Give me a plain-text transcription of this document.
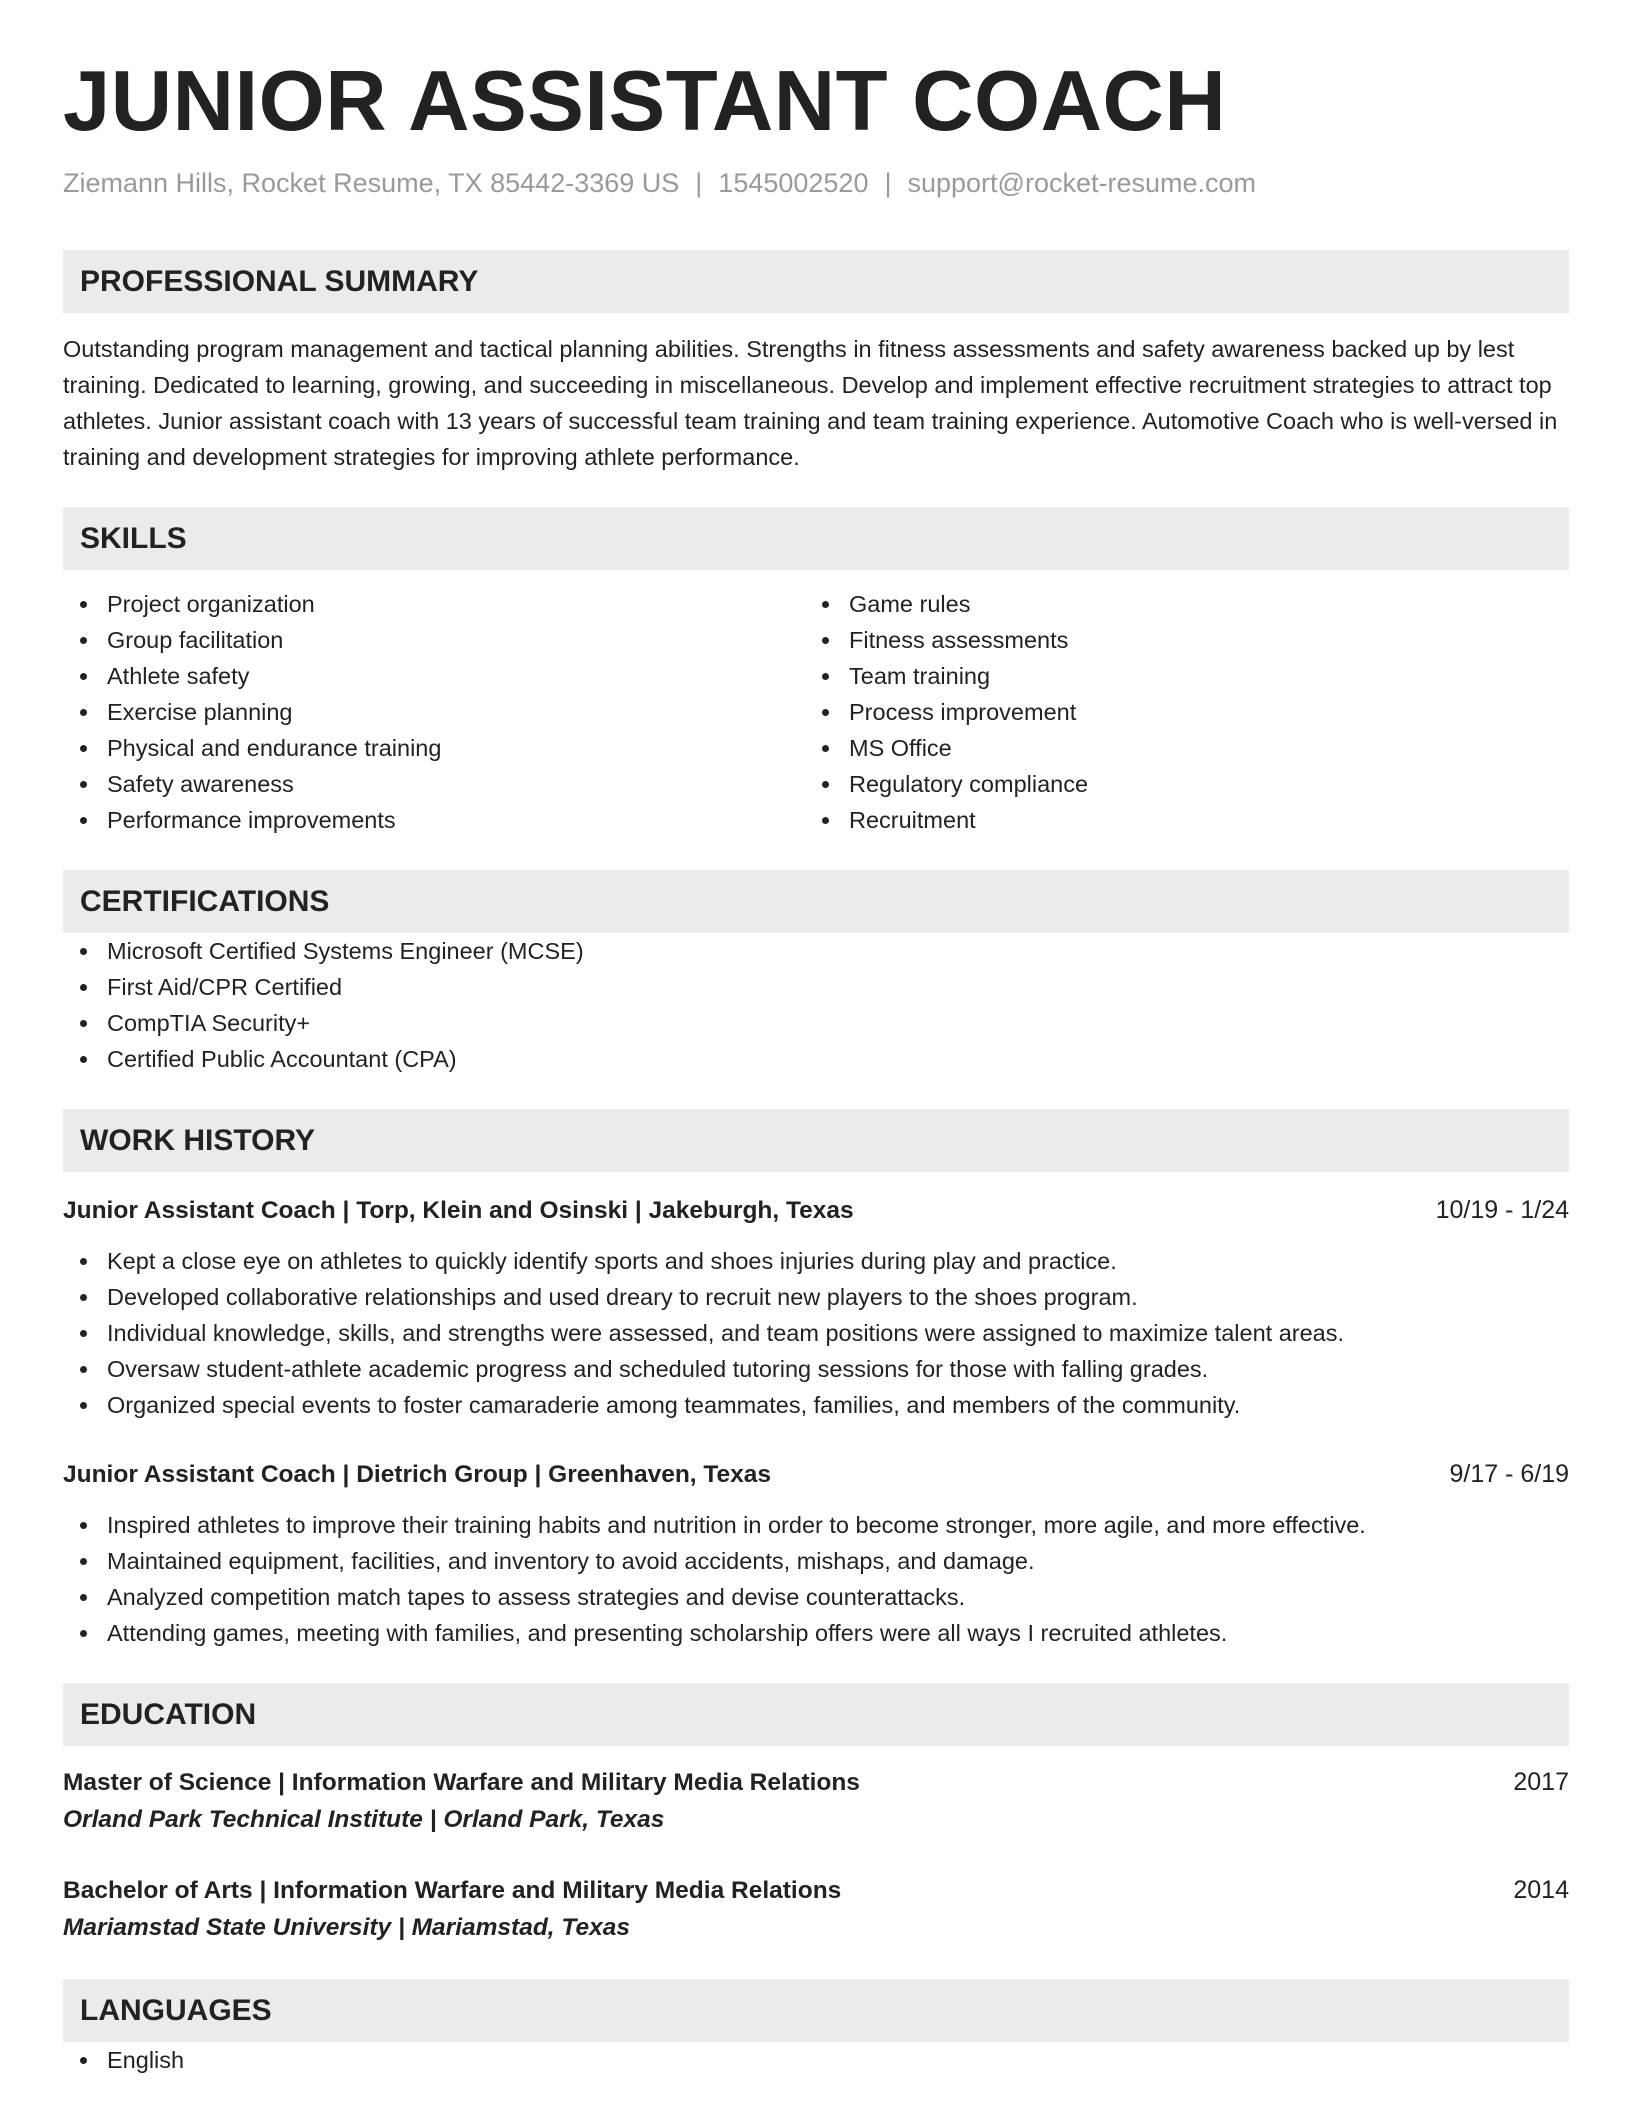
JUNIOR ASSISTANT COACH
Ziemann Hills, Rocket Resume, TX 85442-3369 US | 1545002520 | support@rocket-resume.com
PROFESSIONAL SUMMARY

Outstanding program management and tactical planning abilities. Strengths in fitness assessments and safety awareness backed up by lest training. Dedicated to learning, growing, and succeeding in miscellaneous. Develop and implement effective recruitment strategies to attract top athletes. Junior assistant coach with 13 years of successful team training and team training experience. Automotive Coach who is well-versed in training and development strategies for improving athlete performance.

SKILLS
Project organization
Group facilitation
Athlete safety
Exercise planning
Physical and endurance training
Safety awareness
Performance improvements
Game rules
Fitness assessments
Team training
Process improvement
MS Office
Regulatory compliance
Recruitment
CERTIFICATIONS
Microsoft Certified Systems Engineer (MCSE)
First Aid/CPR Certified
CompTIA Security+
Certified Public Accountant (CPA)
WORK HISTORY
Junior Assistant Coach | Torp, Klein and Osinski | Jakeburgh, Texas	10/19 - 1/24
Kept a close eye on athletes to quickly identify sports and shoes injuries during play and practice.
Developed collaborative relationships and used dreary to recruit new players to the shoes program.
Individual knowledge, skills, and strengths were assessed, and team positions were assigned to maximize talent areas.
Oversaw student-athlete academic progress and scheduled tutoring sessions for those with falling grades.
Organized special events to foster camaraderie among teammates, families, and members of the community.
Junior Assistant Coach | Dietrich Group | Greenhaven, Texas	9/17 - 6/19
Inspired athletes to improve their training habits and nutrition in order to become stronger, more agile, and more effective.
Maintained equipment, facilities, and inventory to avoid accidents, mishaps, and damage.
Analyzed competition match tapes to assess strategies and devise counterattacks.
Attending games, meeting with families, and presenting scholarship offers were all ways I recruited athletes.
EDUCATION
Master of Science | Information Warfare and Military Media Relations	2017
Orland Park Technical Institute | Orland Park, Texas
Bachelor of Arts | Information Warfare and Military Media Relations	2014
Mariamstad State University | Mariamstad, Texas
LANGUAGES
English
